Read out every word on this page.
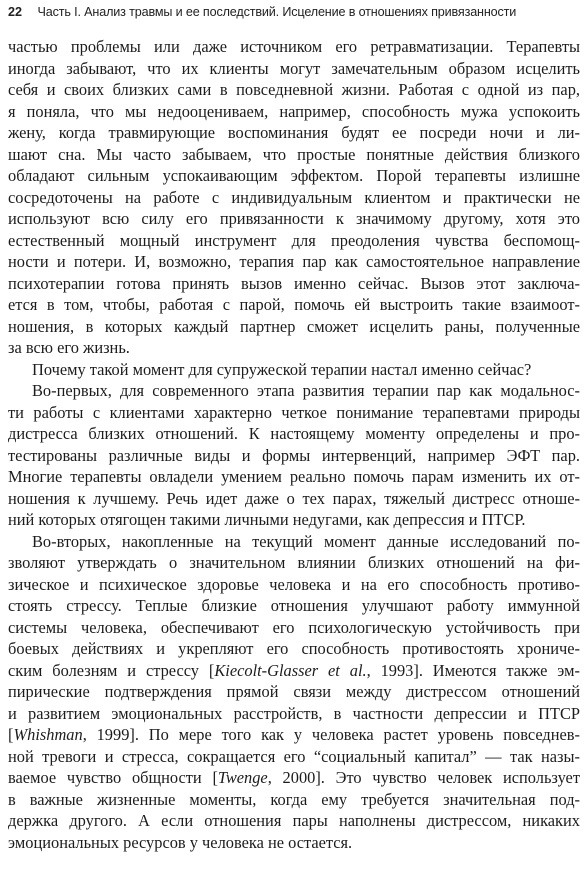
22 Часть I. Анализ травмы и ее последствий. Исцеление в отношениях привязанности
частью проблемы или даже источником его ретравматизации. Терапевты
иногда забывают, что их клиенты могут замечательным образом исцелить
себя и своих близких сами в повседневной жизни. Работая с одной из пар,
я поняла, что мы недооцениваем, например, способность мужа успокоить
жену, когда травмирующие воспоминания будят ее посреди ночи и ли-
шают сна. Мы часто забываем, что простые понятные действия близкого
обладают сильным успокаивающим эффектом. Порой терапевты излишне
сосредоточены на работе с индивидуальным клиентом и практически не
используют всю силу его привязанности к значимому другому, хотя это
естественный мощный инструмент для преодоления чувства беспомощ-
ности и потери. И, возможно, терапия пар как самостоятельное направление
психотерапии готова принять вызов именно сейчас. Вызов этот заключа-
ется в том, чтобы, работая с парой, помочь ей выстроить такие взаимоот-
ношения, в которых каждый партнер сможет исцелить раны, полученные
за всю его жизнь.
Почему такой момент для супружеской терапии настал именно сейчас?
Во-первых, для современного этапа развития терапии пар как модальнос-
ти работы с клиентами характерно четкое понимание терапевтами природы
дистресса близких отношений. К настоящему моменту определены и про-
тестированы различные виды и формы интервенций, например ЭФТ пар.
Многие терапевты овладели умением реально помочь парам изменить их от-
ношения к лучшему. Речь идет даже о тех парах, тяжелый дистресс отноше-
ний которых отягощен такими личными недугами, как депрессия и ПТСР.
Во-вторых, накопленные на текущий момент данные исследований по-
зволяют утверждать о значительном влиянии близких отношений на фи-
зическое и психическое здоровье человека и на его способность противо-
стоять стрессу. Теплые близкие отношения улучшают работу иммунной
системы человека, обеспечивают его психологическую устойчивость при
боевых действиях и укрепляют его способность противостоять хрониче-
ским болезням и стрессу [Kiecolt-Glasser et al., 1993]. Имеются также эм-
пирические подтверждения прямой связи между дистрессом отношений
и развитием эмоциональных расстройств, в частности депрессии и ПТСР
[Whishman, 1999]. По мере того как у человека растет уровень повседнев-
ной тревоги и стресса, сокращается его “социальный капитал” — так назы-
ваемое чувство общности [Twenge, 2000]. Это чувство человек использует
в важные жизненные моменты, когда ему требуется значительная под-
держка другого. А если отношения пары наполнены дистрессом, никаких
эмоциональных ресурсов у человека не остается.
